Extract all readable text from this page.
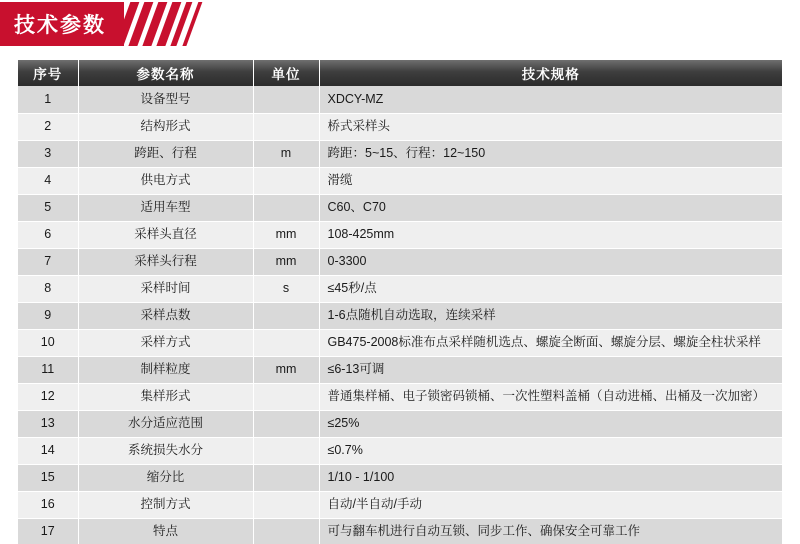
技术参数
序号	参数名称	单位	技术规格
1	设备型号		XDCY-MZ
2	结构形式		桥式采样头
3	跨距、行程	m	跨距：5~15、行程：12~150
4	供电方式		滑缆
5	适用车型		C60、C70
6	采样头直径	mm	108-425mm
7	采样头行程	mm	0-3300
8	采样时间	s	≤45秒/点
9	采样点数		1-6点随机自动选取，连续采样
10	采样方式		GB475-2008标准布点采样随机选点、螺旋全断面、螺旋分层、螺旋全柱状采样
11	制样粒度	mm	≤6-13可调
12	集样形式		普通集样桶、电子锁密码锁桶、一次性塑料盖桶（自动进桶、出桶及一次加密）
13	水分适应范围		≤25%
14	系统损失水分		≤0.7%
15	缩分比		1/10 - 1/100
16	控制方式		自动/半自动/手动
17	特点		可与翻车机进行自动互锁、同步工作、确保安全可靠工作
